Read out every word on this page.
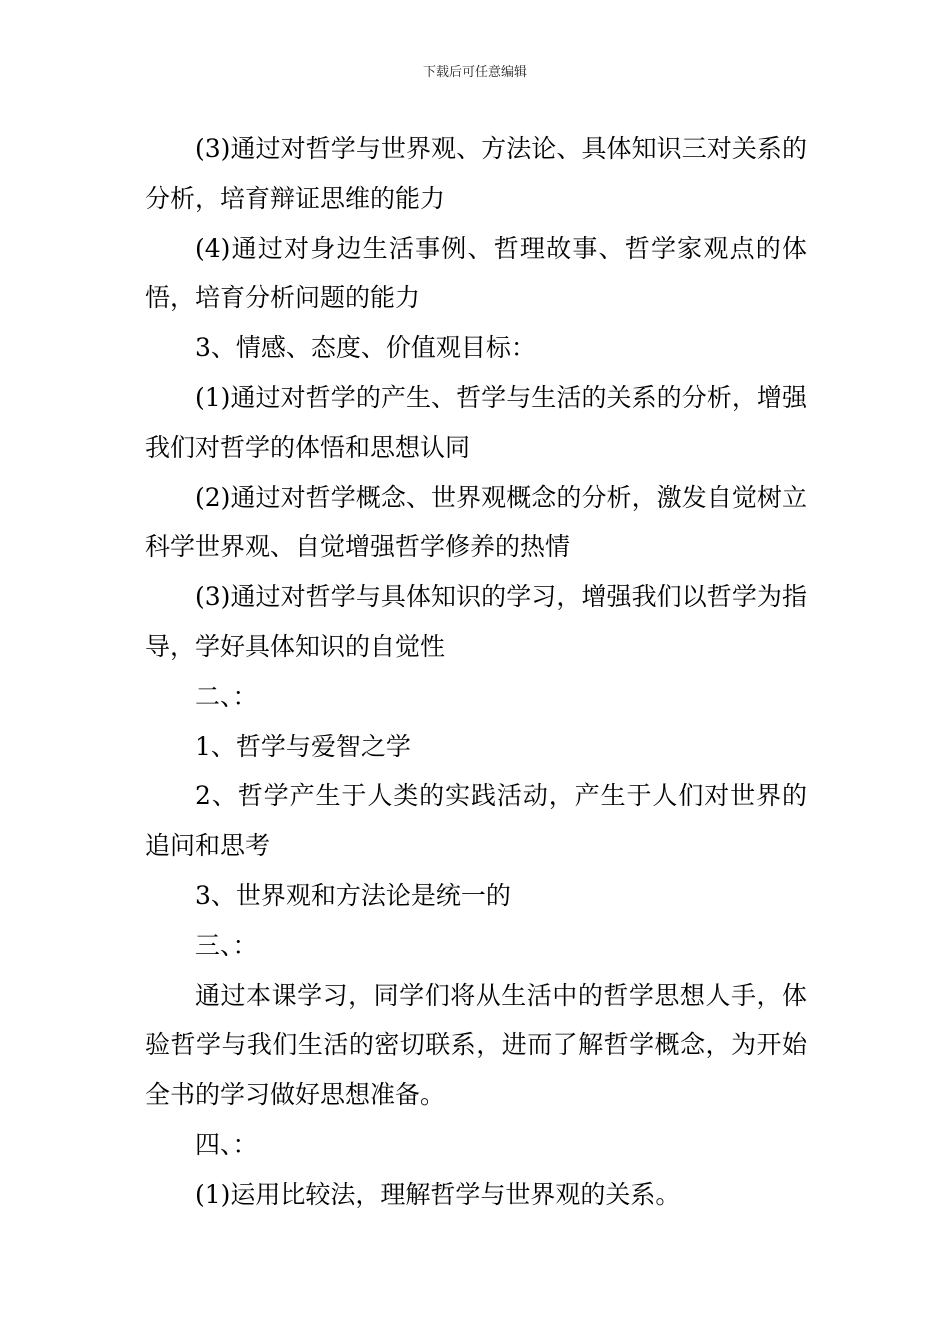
下载后可任意编辑

(3)通过对哲学与世界观、方法论、具体知识三对关系的分析，培育辩证思维的能力

(4)通过对身边生活事例、哲理故事、哲学家观点的体悟，培育分析问题的能力

3、情感、态度、价值观目标：

(1)通过对哲学的产生、哲学与生活的关系的分析，增强我们对哲学的体悟和思想认同

(2)通过对哲学概念、世界观概念的分析，激发自觉树立科学世界观、自觉增强哲学修养的热情

(3)通过对哲学与具体知识的学习，增强我们以哲学为指导，学好具体知识的自觉性

二、：

1、哲学与爱智之学

2、哲学产生于人类的实践活动，产生于人们对世界的追问和思考

3、世界观和方法论是统一的

三、：

通过本课学习，同学们将从生活中的哲学思想人手，体验哲学与我们生活的密切联系，进而了解哲学概念，为开始全书的学习做好思想准备。

四、：

(1)运用比较法，理解哲学与世界观的关系。
